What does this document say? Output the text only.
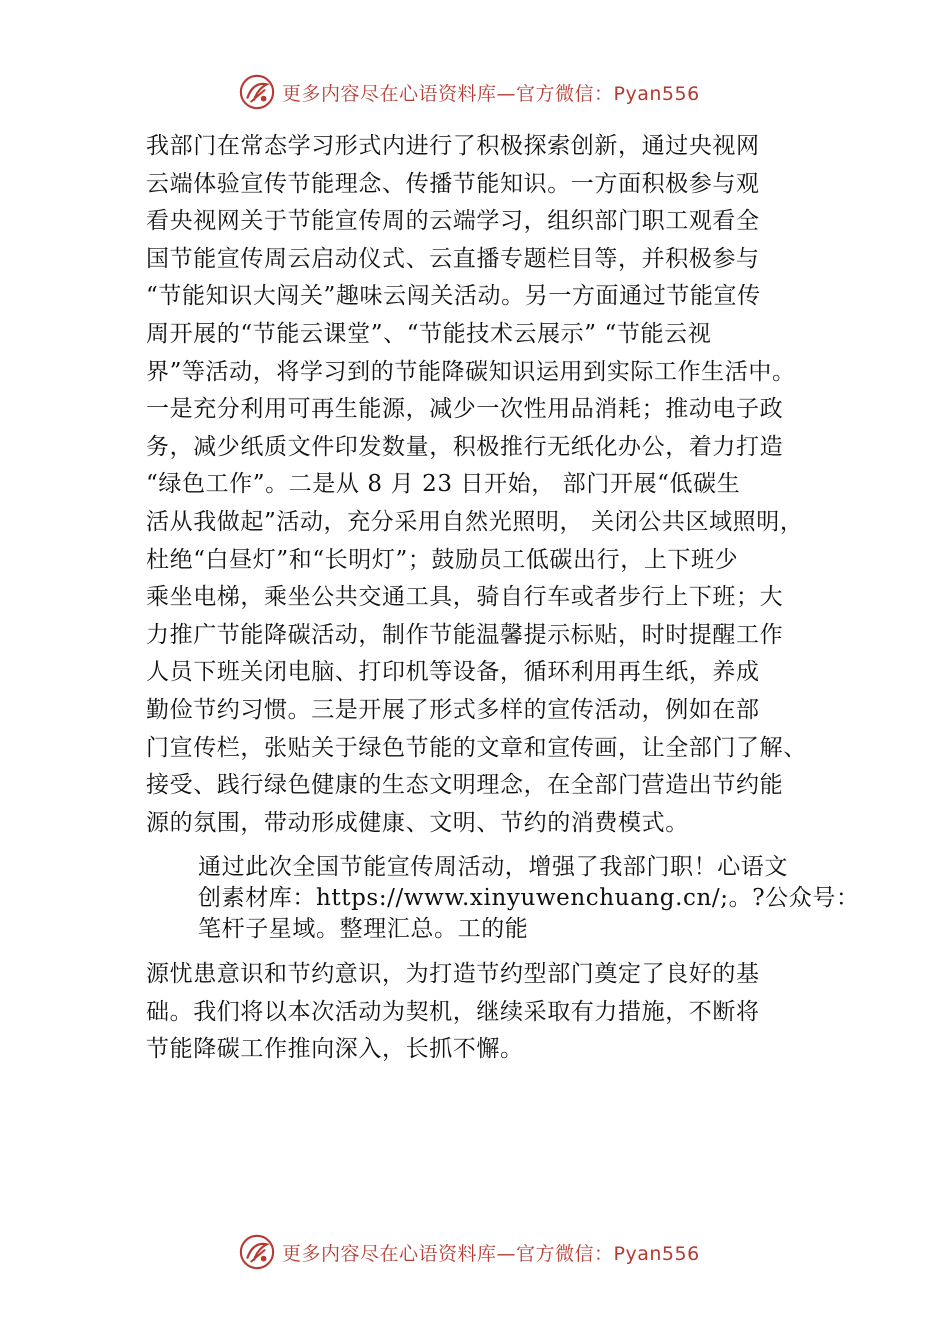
更多内容尽在心语资料库—官方微信：Pyan556
我部门在常态学习形式内进行了积极探索创新，通过央视网
云端体验宣传节能理念、传播节能知识。一方面积极参与观
看央视网关于节能宣传周的云端学习，组织部门职工观看全
国节能宣传周云启动仪式、云直播专题栏目等，并积极参与
“节能知识大闯关”趣味云闯关活动。另一方面通过节能宣传
周开展的“节能云课堂”、“节能技术云展示” “节能云视
界”等活动，将学习到的节能降碳知识运用到实际工作生活中。
一是充分利用可再生能源，减少一次性用品消耗；推动电子政
务，减少纸质文件印发数量，积极推行无纸化办公，着力打造
“绿色工作”。二是从 8 月 23 日开始， 部门开展“低碳生
活从我做起”活动，充分采用自然光照明， 关闭公共区域照明，
杜绝“白昼灯”和“长明灯”；鼓励员工低碳出行，上下班少
乘坐电梯，乘坐公共交通工具，骑自行车或者步行上下班；大
力推广节能降碳活动，制作节能温馨提示标贴，时时提醒工作
人员下班关闭电脑、打印机等设备，循环利用再生纸，养成
勤俭节约习惯。三是开展了形式多样的宣传活动，例如在部
门宣传栏，张贴关于绿色节能的文章和宣传画，让全部门了解、
接受、践行绿色健康的生态文明理念，在全部门营造出节约能
源的氛围，带动形成健康、文明、节约的消费模式。
通过此次全国节能宣传周活动，增强了我部门职！心语文
创素材库：https://www.xinyuwenchuang.cn/;。?公众号：
笔杆子星域。整理汇总。工的能
源忧患意识和节约意识，为打造节约型部门奠定了良好的基
础。我们将以本次活动为契机，继续采取有力措施，不断将
节能降碳工作推向深入，长抓不懈。
更多内容尽在心语资料库—官方微信：Pyan556
